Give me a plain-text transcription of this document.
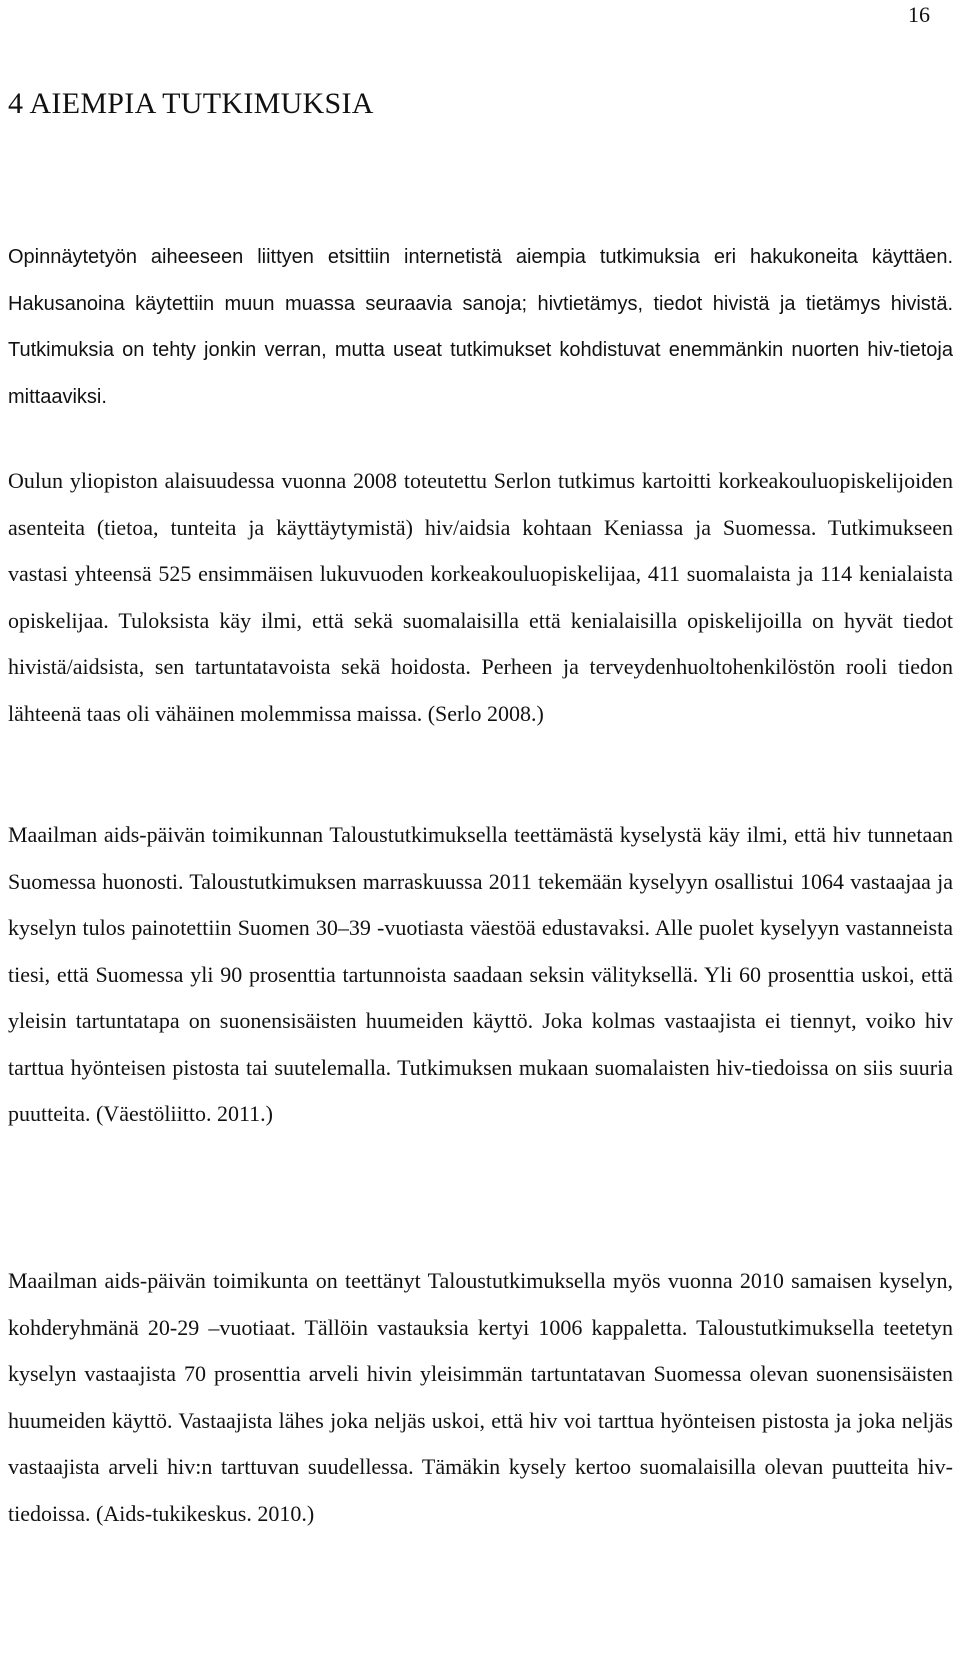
16
4 AIEMPIA TUTKIMUKSIA

Opinnäytetyön aiheeseen liittyen etsittiin internetistä aiempia tutkimuksia eri hakukoneita käyttäen. Hakusanoina käytettiin muun muassa seuraavia sanoja; hivtietämys, tiedot hivistä ja tietämys hivistä. Tutkimuksia on tehty jonkin verran, mutta useat tutkimukset kohdistuvat enemmänkin nuorten hiv-tietoja mittaaviksi.

Oulun yliopiston alaisuudessa vuonna 2008 toteutettu Serlon tutkimus kartoitti korkeakouluopiskelijoiden asenteita (tietoa, tunteita ja käyttäytymistä) hiv/aidsia kohtaan Keniassa ja Suomessa. Tutkimukseen vastasi yhteensä 525 ensimmäisen lukuvuoden korkeakouluopiskelijaa, 411 suomalaista ja 114 kenialaista opiskelijaa. Tuloksista käy ilmi, että sekä suomalaisilla että kenialaisilla opiskelijoilla on hyvät tiedot hivistä/aidsista, sen tartuntatavoista sekä hoidosta. Perheen ja terveydenhuoltohenkilöstön rooli tiedon lähteenä taas oli vähäinen molemmissa maissa. (Serlo 2008.)

Maailman aids-päivän toimikunnan Taloustutkimuksella teettämästä kyselystä käy ilmi, että hiv tunnetaan Suomessa huonosti. Taloustutkimuksen marraskuussa 2011 tekemään kyselyyn osallistui 1064 vastaajaa ja kyselyn tulos painotettiin Suomen 30–39 -vuotiasta väestöä edustavaksi. Alle puolet kyselyyn vastanneista tiesi, että Suomessa yli 90 prosenttia tartunnoista saadaan seksin välityksellä. Yli 60 prosenttia uskoi, että yleisin tartuntatapa on suonensisäisten huumeiden käyttö. Joka kolmas vastaajista ei tiennyt, voiko hiv tarttua hyönteisen pistosta tai suutelemalla. Tutkimuksen mukaan suomalaisten hiv-tiedoissa on siis suuria puutteita. (Väestöliitto. 2011.)

Maailman aids-päivän toimikunta on teettänyt Taloustutkimuksella myös vuonna 2010 samaisen kyselyn, kohderyhmänä 20-29 –vuotiaat. Tällöin vastauksia kertyi 1006 kappaletta. Taloustutkimuksella teetetyn kyselyn vastaajista 70 prosenttia arveli hivin yleisimmän tartuntatavan Suomessa olevan suonensisäisten huumeiden käyttö. Vastaajista lähes joka neljäs uskoi, että hiv voi tarttua hyönteisen pistosta ja joka neljäs vastaajista arveli hiv:n tarttuvan suudellessa. Tämäkin kysely kertoo suomalaisilla olevan puutteita hiv-tiedoissa. (Aids-tukikeskus. 2010.)
